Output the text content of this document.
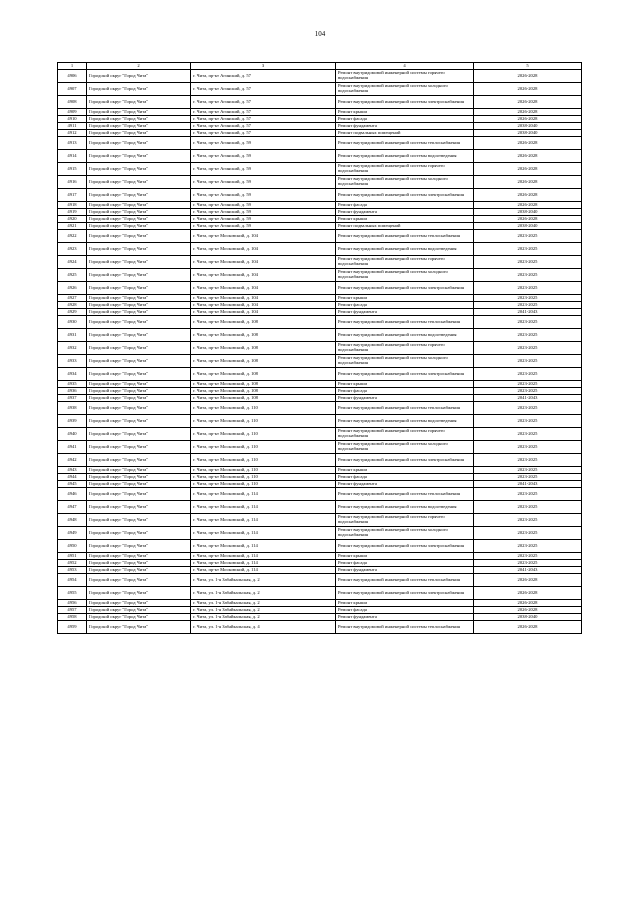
104
1	2	3	4	5
4906	Городской округ "Город Чита"	г. Чита, пр-кт Агинский, д. 57	Ремонт внутридомовой инженерной системы горячего водоснабжения	2026-2028
4907	Городской округ "Город Чита"	г. Чита, пр-кт Агинский, д. 57	Ремонт внутридомовой инженерной системы холодного водоснабжения	2026-2028
4908	Городской округ "Город Чита"	г. Чита, пр-кт Агинский, д. 57	Ремонт внутридомовой инженерной системы электроснабжения	2026-2028
4909	Городской округ "Город Чита"	г. Чита, пр-кт Агинский, д. 57	Ремонт крыши	2026-2028
4910	Городской округ "Город Чита"	г. Чита, пр-кт Агинский, д. 57	Ремонт фасада	2026-2028
4911	Городской округ "Город Чита"	г. Чита, пр-кт Агинский, д. 57	Ремонт фундамента	2038-2040
4912	Городской округ "Город Чита"	г. Чита, пр-кт Агинский, д. 57	Ремонт подвальных помещений	2038-2040
4913	Городской округ "Город Чита"	г. Чита, пр-кт Агинский, д. 59	Ремонт внутридомовой инженерной системы теплоснабжения	2026-2028
4914	Городской округ "Город Чита"	г. Чита, пр-кт Агинский, д. 59	Ремонт внутридомовой инженерной системы водоотведения	2026-2028
4915	Городской округ "Город Чита"	г. Чита, пр-кт Агинский, д. 59	Ремонт внутридомовой инженерной системы горячего водоснабжения	2026-2028
4916	Городской округ "Город Чита"	г. Чита, пр-кт Агинский, д. 59	Ремонт внутридомовой инженерной системы холодного водоснабжения	2026-2028
4917	Городской округ "Город Чита"	г. Чита, пр-кт Агинский, д. 59	Ремонт внутридомовой инженерной системы электроснабжения	2026-2028
4918	Городской округ "Город Чита"	г. Чита, пр-кт Агинский, д. 59	Ремонт фасада	2026-2028
4919	Городской округ "Город Чита"	г. Чита, пр-кт Агинский, д. 59	Ремонт фундамента	2038-2040
4920	Городской округ "Город Чита"	г. Чита, пр-кт Агинский, д. 59	Ремонт крыши	2026-2028
4921	Городской округ "Город Чита"	г. Чита, пр-кт Агинский, д. 59	Ремонт подвальных помещений	2038-2040
4922	Городской округ "Город Чита"	г. Чита, пр-кт Московский, д. 104	Ремонт внутридомовой инженерной системы теплоснабжения	2023-2025
4923	Городской округ "Город Чита"	г. Чита, пр-кт Московский, д. 104	Ремонт внутридомовой инженерной системы водоотведения	2023-2025
4924	Городской округ "Город Чита"	г. Чита, пр-кт Московский, д. 104	Ремонт внутридомовой инженерной системы горячего водоснабжения	2023-2025
4925	Городской округ "Город Чита"	г. Чита, пр-кт Московский, д. 104	Ремонт внутридомовой инженерной системы холодного водоснабжения	2023-2025
4926	Городской округ "Город Чита"	г. Чита, пр-кт Московский, д. 104	Ремонт внутридомовой инженерной системы электроснабжения	2023-2025
4927	Городской округ "Город Чита"	г. Чита, пр-кт Московский, д. 104	Ремонт крыши	2023-2025
4928	Городской округ "Город Чита"	г. Чита, пр-кт Московский, д. 104	Ремонт фасада	2023-2025
4929	Городской округ "Город Чита"	г. Чита, пр-кт Московский, д. 104	Ремонт фундамента	2041-2043
4930	Городской округ "Город Чита"	г. Чита, пр-кт Московский, д. 108	Ремонт внутридомовой инженерной системы теплоснабжения	2023-2025
4931	Городской округ "Город Чита"	г. Чита, пр-кт Московский, д. 108	Ремонт внутридомовой инженерной системы водоотведения	2023-2025
4932	Городской округ "Город Чита"	г. Чита, пр-кт Московский, д. 108	Ремонт внутридомовой инженерной системы горячего водоснабжения	2023-2025
4933	Городской округ "Город Чита"	г. Чита, пр-кт Московский, д. 108	Ремонт внутридомовой инженерной системы холодного водоснабжения	2023-2025
4934	Городской округ "Город Чита"	г. Чита, пр-кт Московский, д. 108	Ремонт внутридомовой инженерной системы электроснабжения	2023-2025
4935	Городской округ "Город Чита"	г. Чита, пр-кт Московский, д. 108	Ремонт крыши	2023-2025
4936	Городской округ "Город Чита"	г. Чита, пр-кт Московский, д. 108	Ремонт фасада	2023-2025
4937	Городской округ "Город Чита"	г. Чита, пр-кт Московский, д. 108	Ремонт фундамента	2041-2043
4938	Городской округ "Город Чита"	г. Чита, пр-кт Московский, д. 110	Ремонт внутридомовой инженерной системы теплоснабжения	2023-2025
4939	Городской округ "Город Чита"	г. Чита, пр-кт Московский, д. 110	Ремонт внутридомовой инженерной системы водоотведения	2023-2025
4940	Городской округ "Город Чита"	г. Чита, пр-кт Московский, д. 110	Ремонт внутридомовой инженерной системы горячего водоснабжения	2023-2025
4941	Городской округ "Город Чита"	г. Чита, пр-кт Московский, д. 110	Ремонт внутридомовой инженерной системы холодного водоснабжения	2023-2025
4942	Городской округ "Город Чита"	г. Чита, пр-кт Московский, д. 110	Ремонт внутридомовой инженерной системы электроснабжения	2023-2025
4943	Городской округ "Город Чита"	г. Чита, пр-кт Московский, д. 110	Ремонт крыши	2023-2025
4944	Городской округ "Город Чита"	г. Чита, пр-кт Московский, д. 110	Ремонт фасада	2023-2025
4945	Городской округ "Город Чита"	г. Чита, пр-кт Московский, д. 110	Ремонт фундамента	2041-2043
4946	Городской округ "Город Чита"	г. Чита, пр-кт Московский, д. 114	Ремонт внутридомовой инженерной системы теплоснабжения	2023-2025
4947	Городской округ "Город Чита"	г. Чита, пр-кт Московский, д. 114	Ремонт внутридомовой инженерной системы водоотведения	2023-2025
4948	Городской округ "Город Чита"	г. Чита, пр-кт Московский, д. 114	Ремонт внутридомовой инженерной системы горячего водоснабжения	2023-2025
4949	Городской округ "Город Чита"	г. Чита, пр-кт Московский, д. 114	Ремонт внутридомовой инженерной системы холодного водоснабжения	2023-2025
4950	Городской округ "Город Чита"	г. Чита, пр-кт Московский, д. 114	Ремонт внутридомовой инженерной системы электроснабжения	2023-2025
4951	Городской округ "Город Чита"	г. Чита, пр-кт Московский, д. 114	Ремонт крыши	2023-2025
4952	Городской округ "Город Чита"	г. Чита, пр-кт Московский, д. 114	Ремонт фасада	2023-2025
4953	Городской округ "Город Чита"	г. Чита, пр-кт Московский, д. 114	Ремонт фундамента	2041-2043
4954	Городской округ "Город Чита"	г. Чита, ул. 1-я Забайкальская, д. 2	Ремонт внутридомовой инженерной системы теплоснабжения	2026-2028
4955	Городской округ "Город Чита"	г. Чита, ул. 1-я Забайкальская, д. 2	Ремонт внутридомовой инженерной системы электроснабжения	2026-2028
4956	Городской округ "Город Чита"	г. Чита, ул. 1-я Забайкальская, д. 2	Ремонт крыши	2026-2028
4957	Городской округ "Город Чита"	г. Чита, ул. 1-я Забайкальская, д. 2	Ремонт фасада	2026-2028
4958	Городской округ "Город Чита"	г. Чита, ул. 1-я Забайкальская, д. 2	Ремонт фундамента	2038-2040
4959	Городской округ "Город Чита"	г. Чита, ул. 1-я Забайкальская, д. 4	Ремонт внутридомовой инженерной системы теплоснабжения	2026-2028
